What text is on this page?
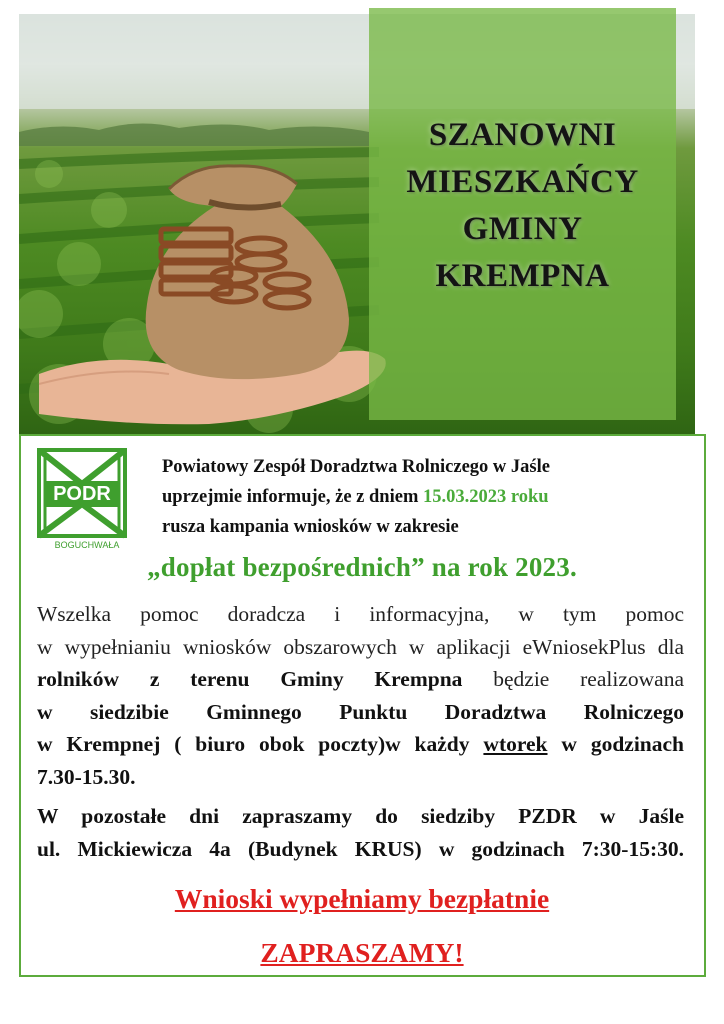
SZANOWNI
MIESZKAŃCY
GMINY
KREMPNA
PODR
BOGUCHWAŁA
Powiatowy Zespół Doradztwa Rolniczego w Jaśle
uprzejmie informuje, że z dniem 15.03.2023 roku
rusza kampania wniosków w zakresie
„dopłat bezpośrednich” na rok 2023.
Wszelka pomoc doradcza i informacyjna, w tym pomoc
w wypełnianiu wniosków obszarowych w aplikacji eWniosekPlus dla
rolników z terenu Gminy Krempna będzie realizowana
w siedzibie Gminnego Punktu Doradztwa Rolniczego
w Krempnej ( biuro obok poczty)w każdy wtorek w godzinach
7.30-15.30.
W pozostałe dni zapraszamy do siedziby PZDR w Jaśle
ul. Mickiewicza 4a (Budynek KRUS) w godzinach 7:30-15:30.
Wnioski wypełniamy bezpłatnie
ZAPRASZAMY!
